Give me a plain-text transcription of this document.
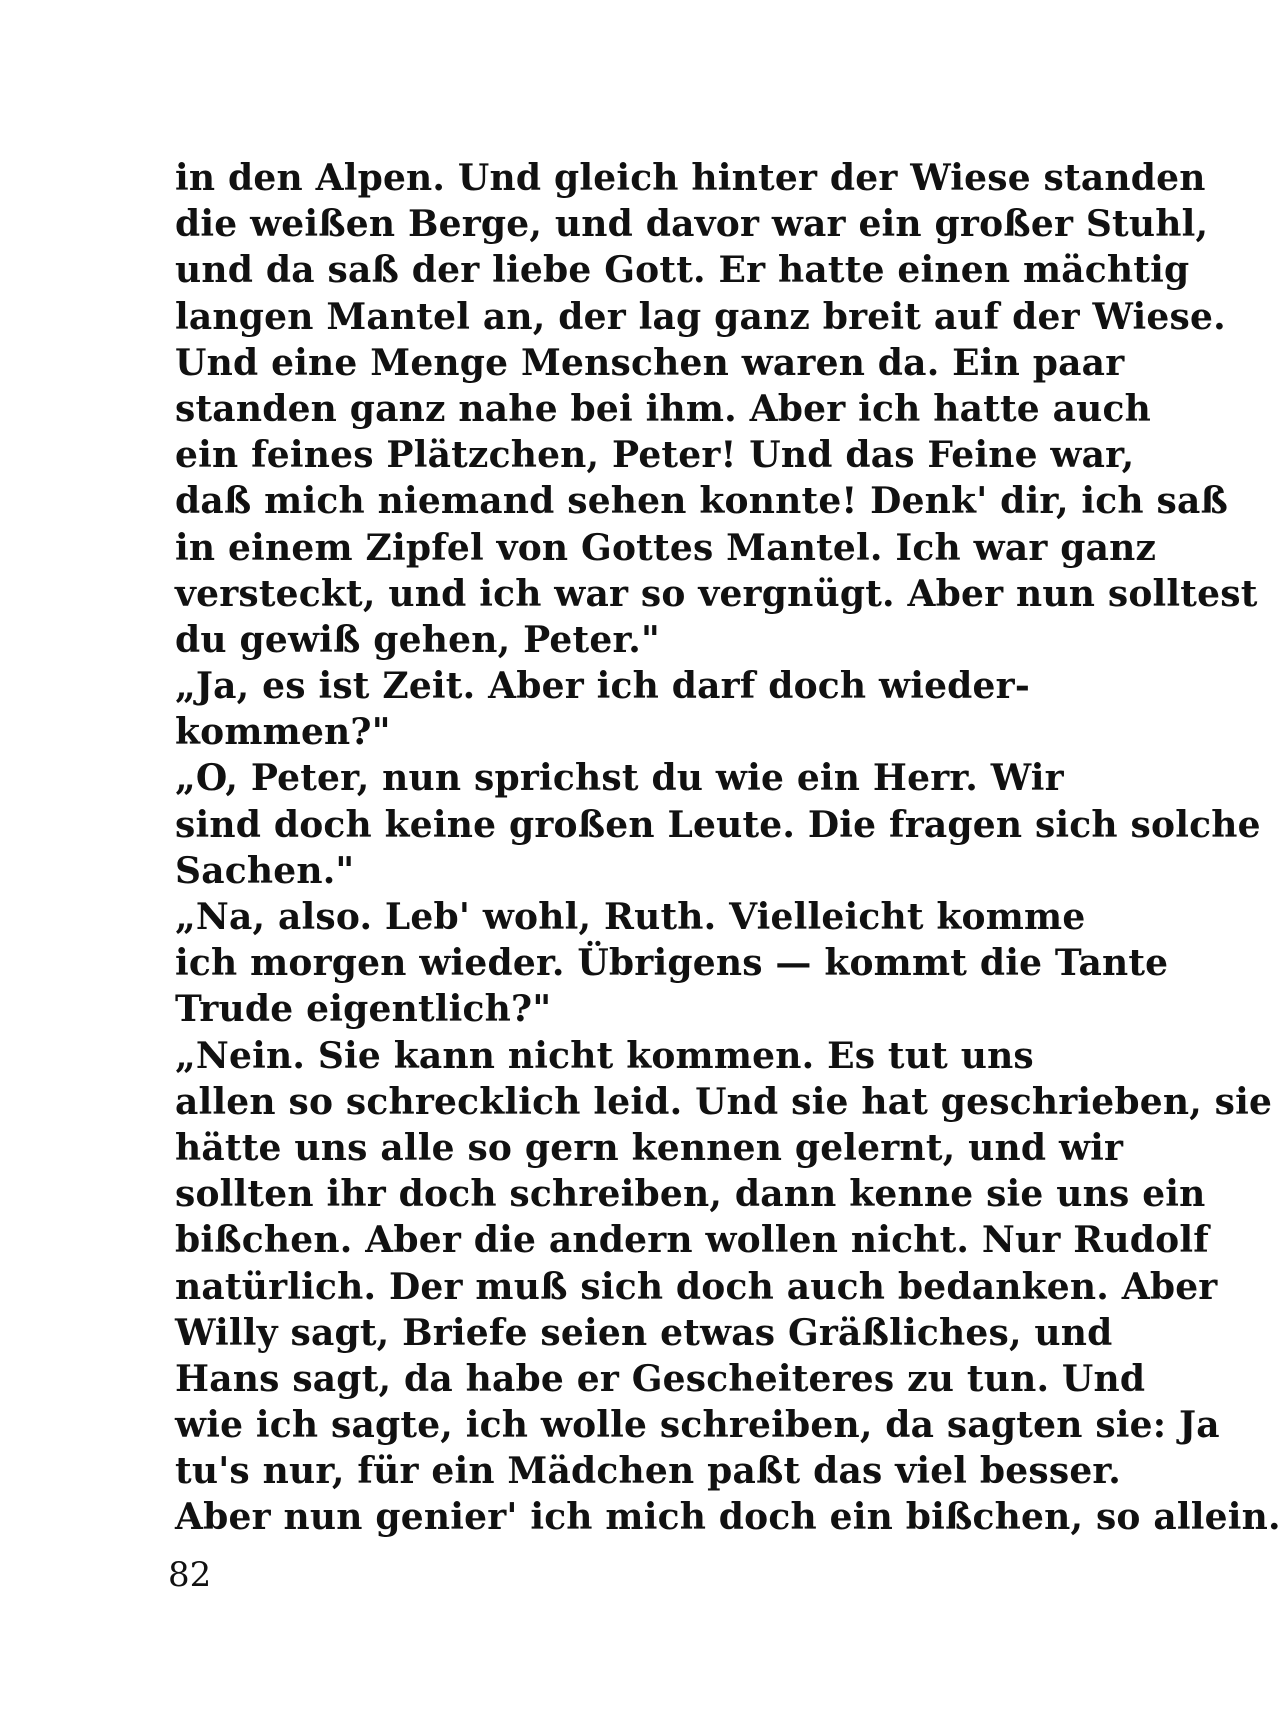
in den Alpen. Und gleich hinter der Wiese standen
die weißen Berge, und davor war ein großer Stuhl,
und da saß der liebe Gott. Er hatte einen mächtig
langen Mantel an, der lag ganz breit auf der Wiese.
Und eine Menge Menschen waren da. Ein paar
standen ganz nahe bei ihm. Aber ich hatte auch
ein feines Plätzchen, Peter! Und das Feine war,
daß mich niemand sehen konnte! Denk' dir, ich saß
in einem Zipfel von Gottes Mantel. Ich war ganz
versteckt, und ich war so vergnügt. Aber nun solltest
du gewiß gehen, Peter."
„Ja, es ist Zeit. Aber ich darf doch wieder-
kommen?"
„O, Peter, nun sprichst du wie ein Herr. Wir
sind doch keine großen Leute. Die fragen sich solche
Sachen."
„Na, also. Leb' wohl, Ruth. Vielleicht komme
ich morgen wieder. Übrigens — kommt die Tante
Trude eigentlich?"
„Nein. Sie kann nicht kommen. Es tut uns
allen so schrecklich leid. Und sie hat geschrieben, sie
hätte uns alle so gern kennen gelernt, und wir
sollten ihr doch schreiben, dann kenne sie uns ein
bißchen. Aber die andern wollen nicht. Nur Rudolf
natürlich. Der muß sich doch auch bedanken. Aber
Willy sagt, Briefe seien etwas Gräßliches, und
Hans sagt, da habe er Gescheiteres zu tun. Und
wie ich sagte, ich wolle schreiben, da sagten sie: Ja
tu's nur, für ein Mädchen paßt das viel besser.
Aber nun genier' ich mich doch ein bißchen, so allein.
82
